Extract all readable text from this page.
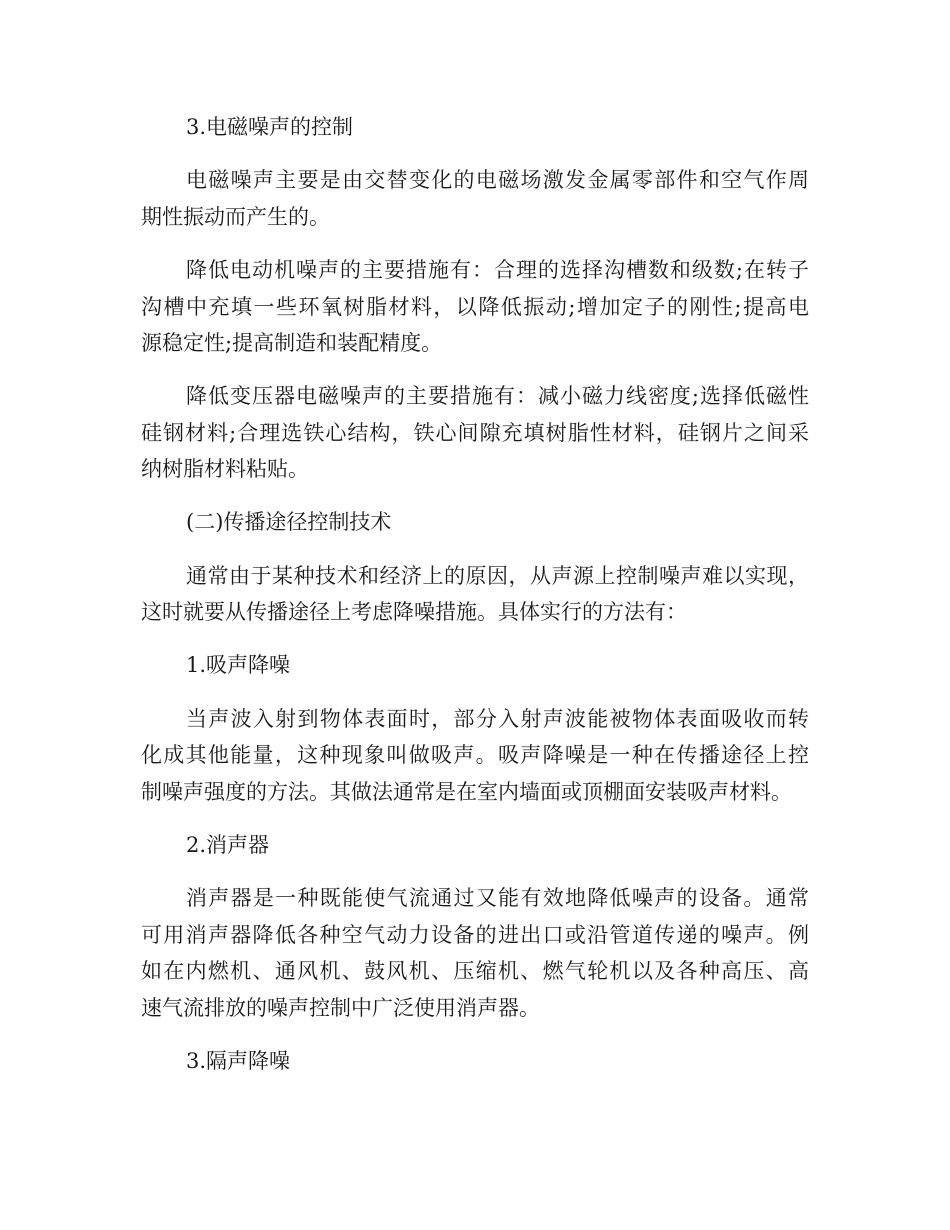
3.电磁噪声的控制
电磁噪声主要是由交替变化的电磁场激发金属零部件和空气作周
期性振动而产生的。
降低电动机噪声的主要措施有：合理的选择沟槽数和级数;在转子
沟槽中充填一些环氧树脂材料，以降低振动;增加定子的刚性;提高电
源稳定性;提高制造和装配精度。
降低变压器电磁噪声的主要措施有：减小磁力线密度;选择低磁性
硅钢材料;合理选铁心结构，铁心间隙充填树脂性材料，硅钢片之间采
纳树脂材料粘贴。
(二)传播途径控制技术
通常由于某种技术和经济上的原因，从声源上控制噪声难以实现，
这时就要从传播途径上考虑降噪措施。具体实行的方法有：
1.吸声降噪
当声波入射到物体表面时，部分入射声波能被物体表面吸收而转
化成其他能量，这种现象叫做吸声。吸声降噪是一种在传播途径上控
制噪声强度的方法。其做法通常是在室内墙面或顶棚面安装吸声材料。
2.消声器
消声器是一种既能使气流通过又能有效地降低噪声的设备。通常
可用消声器降低各种空气动力设备的进出口或沿管道传递的噪声。例
如在内燃机、通风机、鼓风机、压缩机、燃气轮机以及各种高压、高
速气流排放的噪声控制中广泛使用消声器。
3.隔声降噪
